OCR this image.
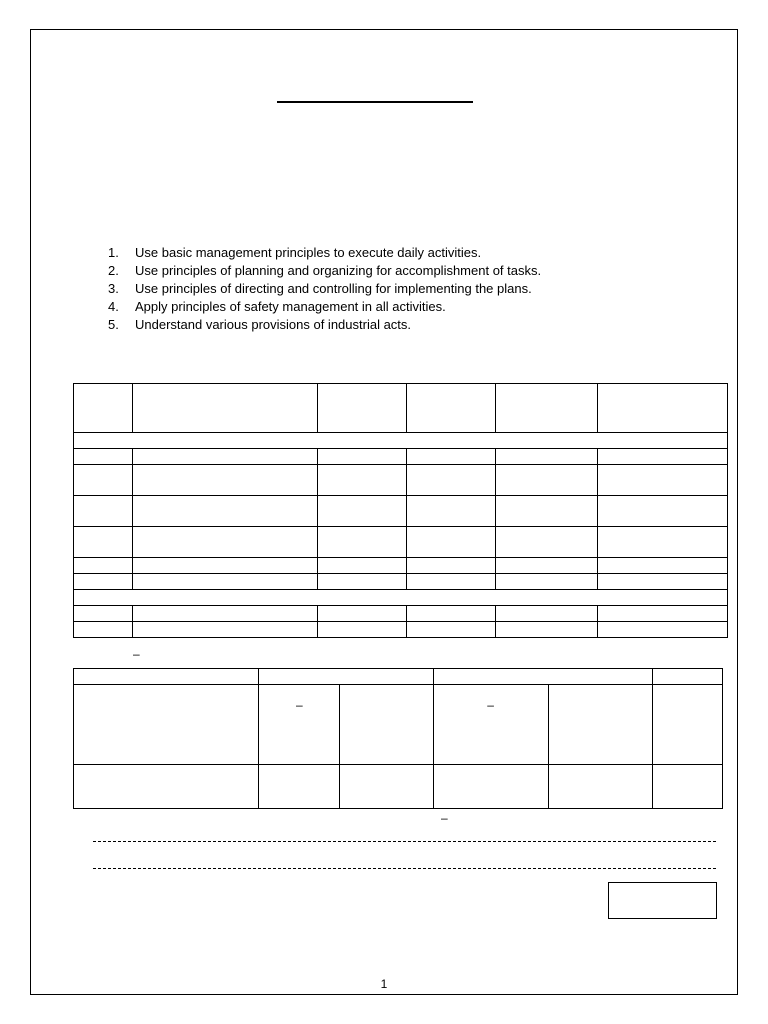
1.	Use basic management principles to execute daily activities.
2.	Use principles of planning and organizing for accomplishment of tasks.
3.	Use principles of directing and controlling for implementing the plans.
4.	Apply principles of safety management in all activities.
5.	Understand various provisions of industrial acts.

–

	–		–		

–
1
